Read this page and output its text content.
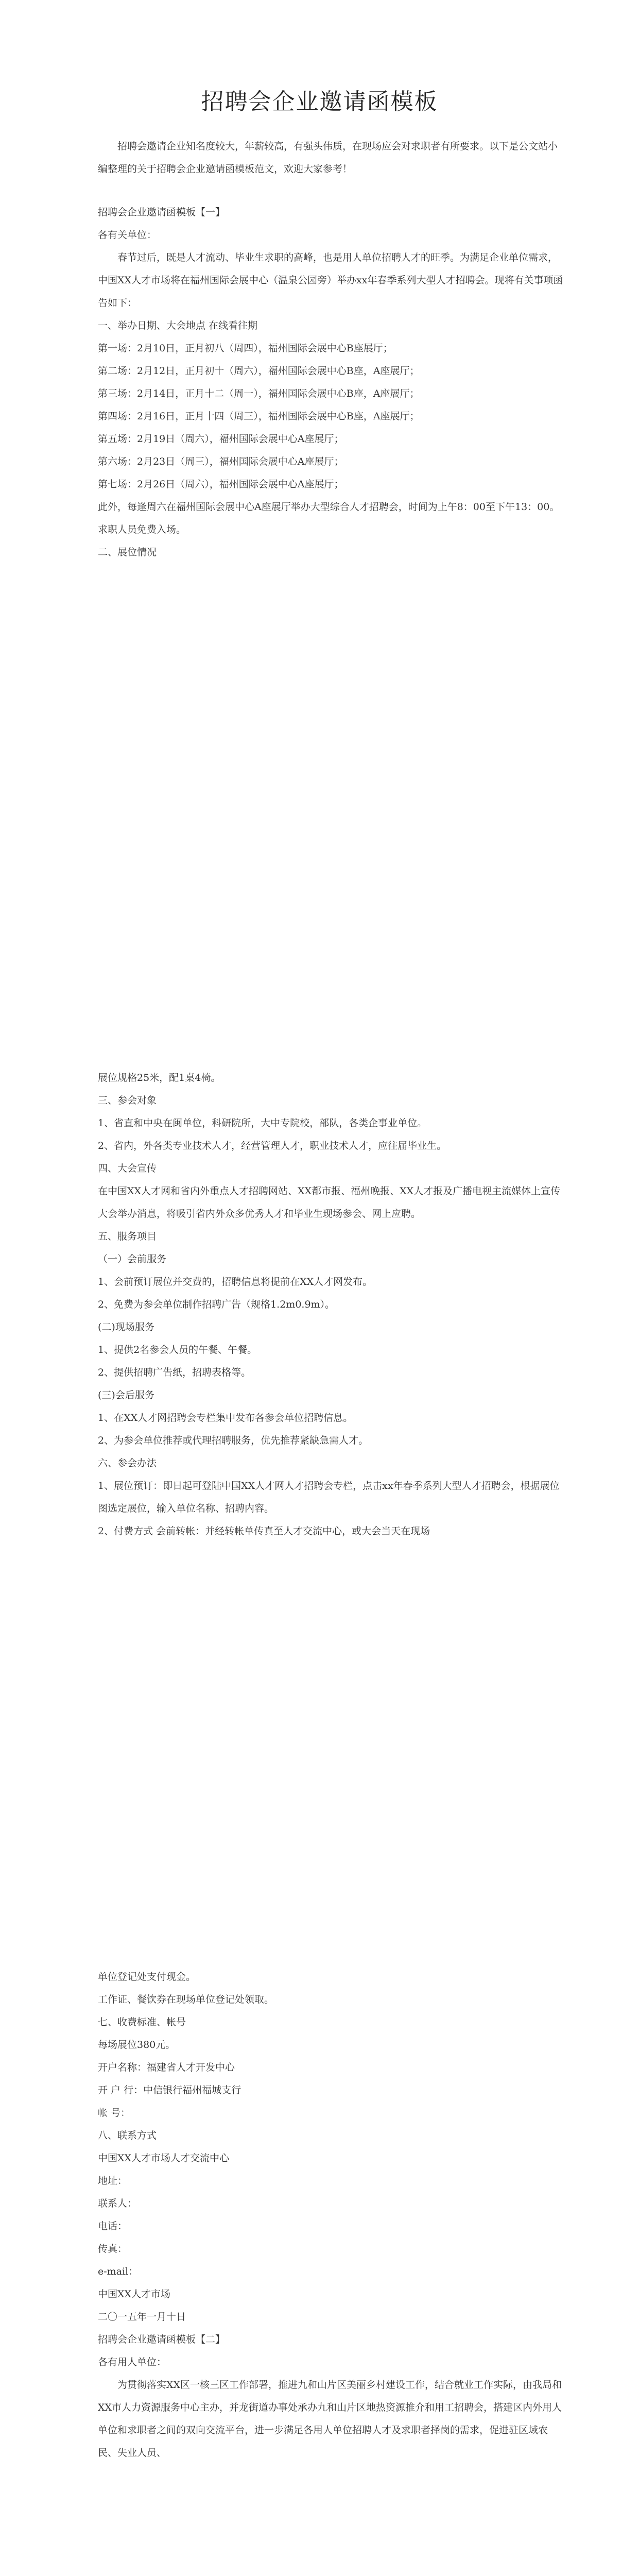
招聘会企业邀请函模板

招聘会邀请企业知名度较大，年薪较高，有强头伟质，在现场应会对求职者有所要求。以下是公文站小编整理的关于招聘会企业邀请函模板范文，欢迎大家参考！

招聘会企业邀请函模板【一】

各有关单位：

春节过后，既是人才流动、毕业生求职的高峰，也是用人单位招聘人才的旺季。为满足企业单位需求，中国XX人才市场将在福州国际会展中心（温泉公园旁）举办xx年春季系列大型人才招聘会。现将有关事项函告如下：

一、举办日期、大会地点 在线看往期

第一场：2月10日，正月初八（周四），福州国际会展中心B座展厅；

第二场：2月12日，正月初十（周六），福州国际会展中心B座，A座展厅；

第三场：2月14日，正月十二（周一），福州国际会展中心B座，A座展厅；

第四场：2月16日，正月十四（周三），福州国际会展中心B座，A座展厅；

第五场：2月19日（周六），福州国际会展中心A座展厅；

第六场：2月23日（周三），福州国际会展中心A座展厅；

第七场：2月26日（周六），福州国际会展中心A座展厅；

此外，每逢周六在福州国际会展中心A座展厅举办大型综合人才招聘会，时间为上午8：00至下午13：00。

求职人员免费入场。

二、展位情况

展位规格25米，配1桌4椅。

三、参会对象

1、省直和中央在闽单位，科研院所，大中专院校，部队，各类企事业单位。

2、省内，外各类专业技术人才，经营管理人才，职业技术人才，应往届毕业生。

四、大会宣传

在中国XX人才网和省内外重点人才招聘网站、XX都市报、福州晚报、XX人才报及广播电视主流媒体上宣传大会举办消息，将吸引省内外众多优秀人才和毕业生现场参会、网上应聘。

五、服务项目

（一）会前服务

1、会前预订展位并交费的，招聘信息将提前在XX人才网发布。

2、免费为参会单位制作招聘广告（规格1.2m0.9m）。

(二)现场服务

1、提供2名参会人员的午餐、午餐。

2、提供招聘广告纸，招聘表格等。

(三)会后服务

1、在XX人才网招聘会专栏集中发布各参会单位招聘信息。

2、为参会单位推荐或代理招聘服务，优先推荐紧缺急需人才。

六、参会办法

1、展位预订：即日起可登陆中国XX人才网人才招聘会专栏，点击xx年春季系列大型人才招聘会，根据展位图选定展位，输入单位名称、招聘内容。

2、付费方式 会前转帐：并经转帐单传真至人才交流中心，或大会当天在现场

单位登记处支付现金。

工作证、餐饮券在现场单位登记处领取。

七、收费标准、帐号

每场展位380元。

开户名称：福建省人才开发中心

开 户 行：中信银行福州福城支行

帐 号：

八、联系方式

中国XX人才市场人才交流中心

地址：

联系人：

电话：

传真：

e-mail：

中国XX人才市场

二〇一五年一月十日

招聘会企业邀请函模板【二】

各有用人单位：

为贯彻落实XX区一核三区工作部署，推进九和山片区美丽乡村建设工作，结合就业工作实际，由我局和XX市人力资源服务中心主办，并龙街道办事处承办九和山片区地热资源推介和用工招聘会，搭建区内外用人单位和求职者之间的双向交流平台，进一步满足各用人单位招聘人才及求职者择岗的需求，促进驻区域农民、失业人员、
